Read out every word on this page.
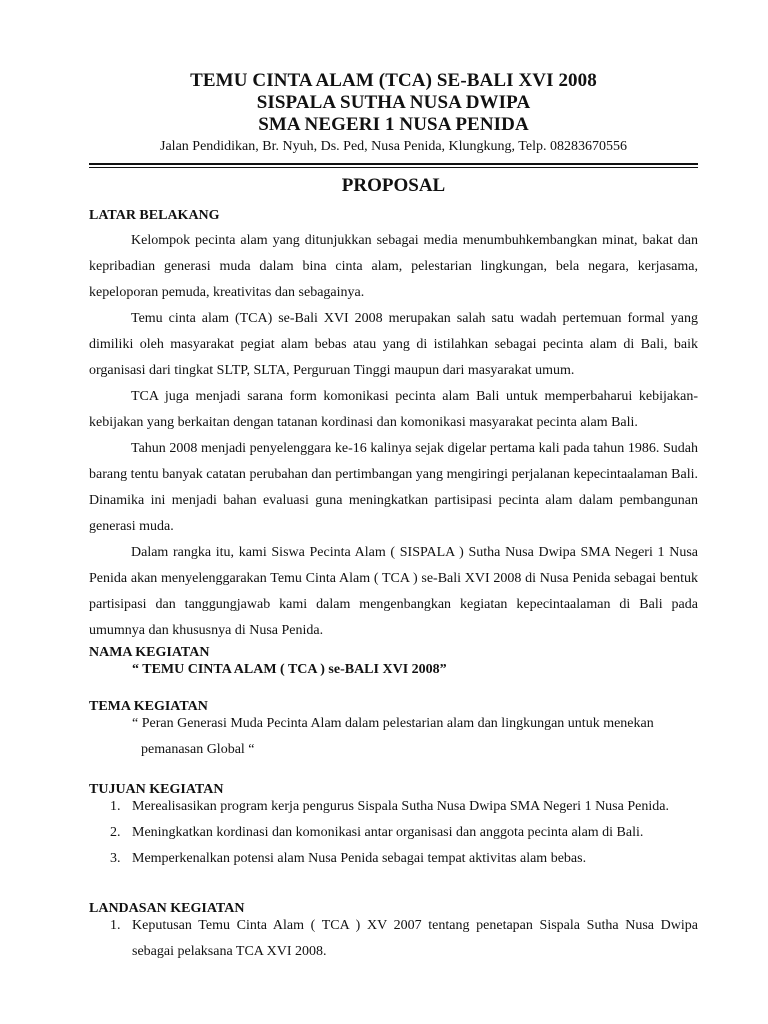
TEMU CINTA ALAM (TCA) SE-BALI XVI 2008
SISPALA SUTHA NUSA DWIPA
SMA NEGERI 1 NUSA PENIDA
Jalan Pendidikan, Br. Nyuh, Ds. Ped, Nusa Penida, Klungkung, Telp. 08283670556
PROPOSAL
LATAR BELAKANG

Kelompok pecinta alam yang ditunjukkan sebagai media menumbuhkembangkan minat, bakat dan kepribadian generasi muda dalam bina cinta alam, pelestarian lingkungan, bela negara, kerjasama, kepeloporan pemuda, kreativitas dan sebagainya.

Temu cinta alam (TCA) se-Bali XVI 2008 merupakan salah satu wadah pertemuan formal yang dimiliki oleh masyarakat pegiat alam bebas atau yang di istilahkan sebagai pecinta alam di Bali, baik organisasi dari tingkat SLTP, SLTA, Perguruan Tinggi maupun dari masyarakat umum.

TCA juga menjadi sarana form komonikasi pecinta alam Bali untuk memperbaharui kebijakan-kebijakan yang berkaitan dengan tatanan kordinasi dan komonikasi masyarakat pecinta alam Bali.

Tahun 2008 menjadi penyelenggara ke-16 kalinya sejak digelar pertama kali pada tahun 1986. Sudah barang tentu banyak catatan perubahan dan pertimbangan yang mengiringi perjalanan kepecintaalaman Bali. Dinamika ini menjadi bahan evaluasi guna meningkatkan partisipasi pecinta alam dalam pembangunan generasi muda.

Dalam rangka itu, kami Siswa Pecinta Alam ( SISPALA ) Sutha Nusa Dwipa SMA Negeri 1 Nusa Penida akan menyelenggarakan Temu Cinta Alam ( TCA ) se-Bali XVI 2008 di Nusa Penida sebagai bentuk partisipasi dan tanggungjawab kami dalam mengenbangkan kegiatan kepecintaalaman di Bali pada umumnya dan khususnya di Nusa Penida.

NAMA KEGIATAN
“ TEMU CINTA ALAM ( TCA ) se-BALI XVI 2008”
TEMA KEGIATAN
“ Peran Generasi Muda Pecinta Alam dalam pelestarian alam dan lingkungan untuk menekan
pemanasan Global “
TUJUAN KEGIATAN
1. Merealisasikan program kerja pengurus Sispala Sutha Nusa Dwipa SMA Negeri 1 Nusa Penida.
2. Meningkatkan kordinasi dan komonikasi antar organisasi dan anggota pecinta alam di Bali.
3. Memperkenalkan potensi alam Nusa Penida sebagai tempat aktivitas alam bebas.
LANDASAN KEGIATAN
1. Keputusan Temu Cinta Alam ( TCA ) XV 2007 tentang penetapan Sispala Sutha Nusa Dwipa sebagai pelaksana TCA XVI 2008.
